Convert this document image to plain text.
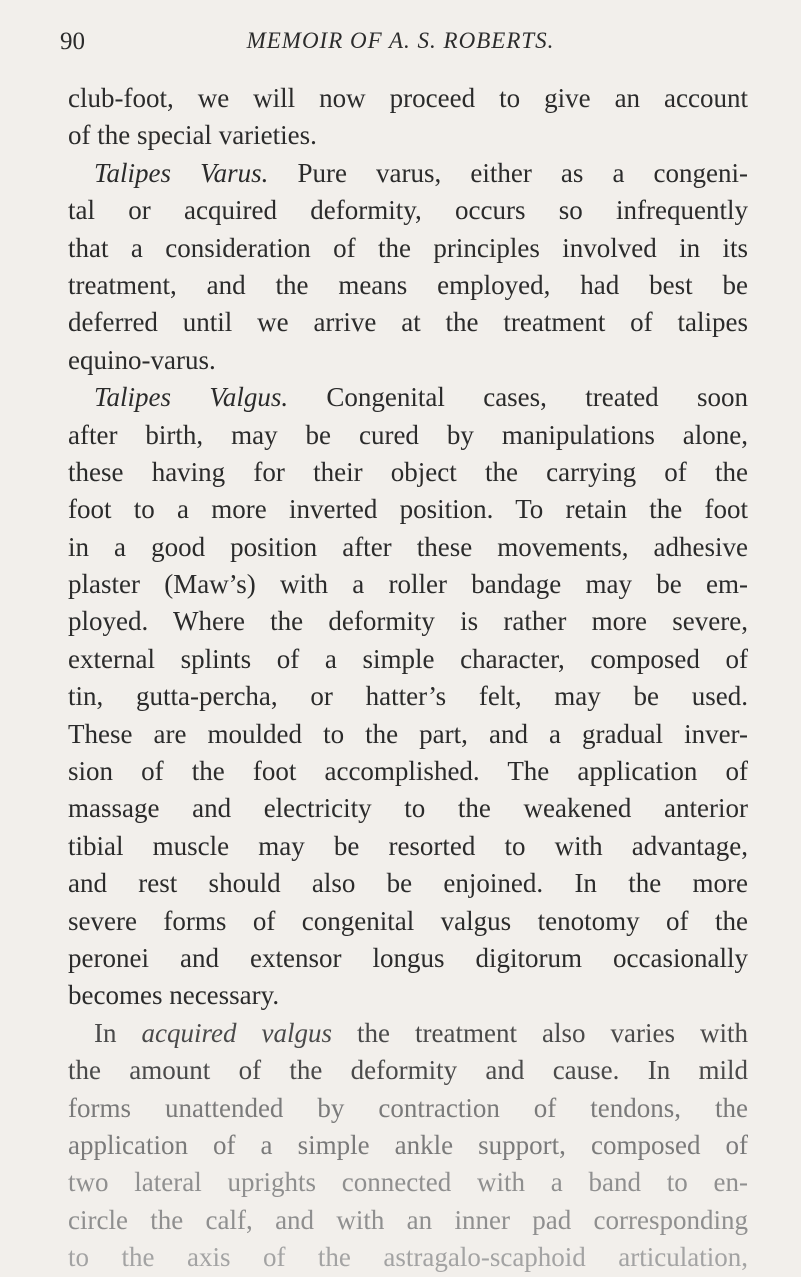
90	MEMOIR OF A. S. ROBERTS.
club-foot, we will now proceed to give an account
of the special varieties.
Talipes Varus. Pure varus, either as a congeni-
tal or acquired deformity, occurs so infrequently
that a consideration of the principles involved in its
treatment, and the means employed, had best be
deferred until we arrive at the treatment of talipes
equino-varus.
Talipes Valgus. Congenital cases, treated soon
after birth, may be cured by manipulations alone,
these having for their object the carrying of the
foot to a more inverted position. To retain the foot
in a good position after these movements, adhesive
plaster (Maw’s) with a roller bandage may be em-
ployed. Where the deformity is rather more severe,
external splints of a simple character, composed of
tin, gutta-percha, or hatter’s felt, may be used.
These are moulded to the part, and a gradual inver-
sion of the foot accomplished. The application of
massage and electricity to the weakened anterior
tibial muscle may be resorted to with advantage,
and rest should also be enjoined. In the more
severe forms of congenital valgus tenotomy of the
peronei and extensor longus digitorum occasionally
becomes necessary.
In acquired valgus the treatment also varies with
the amount of the deformity and cause. In mild
forms unattended by contraction of tendons, the
application of a simple ankle support, composed of
two lateral uprights connected with a band to en-
circle the calf, and with an inner pad corresponding
to the axis of the astragalo-scaphoid articulation,
